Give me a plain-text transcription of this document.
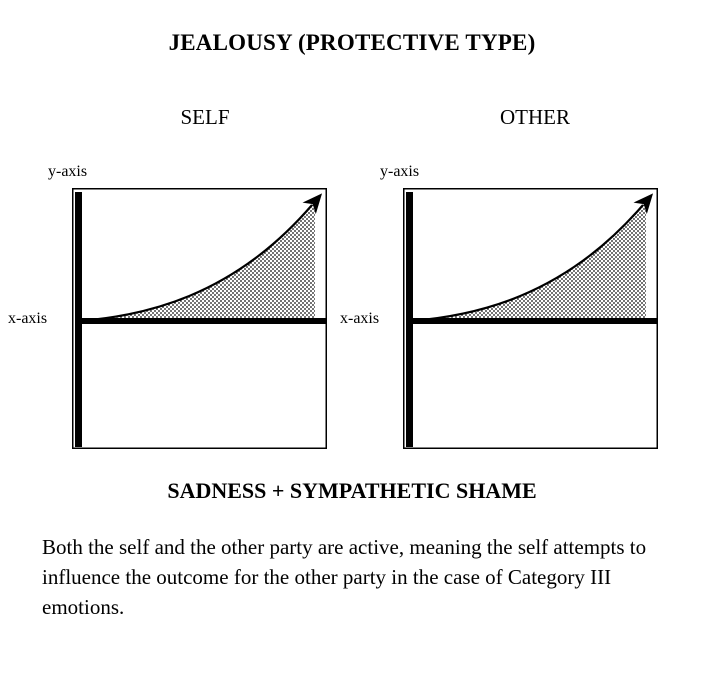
JEALOUSY (PROTECTIVE TYPE)
SELF	OTHER
y-axis
x-axis
y-axis
x-axis
SADNESS + SYMPATHETIC SHAME
Both the self and the other party are active, meaning the self attempts to influence the outcome for the other party in the case of Category III emotions.
